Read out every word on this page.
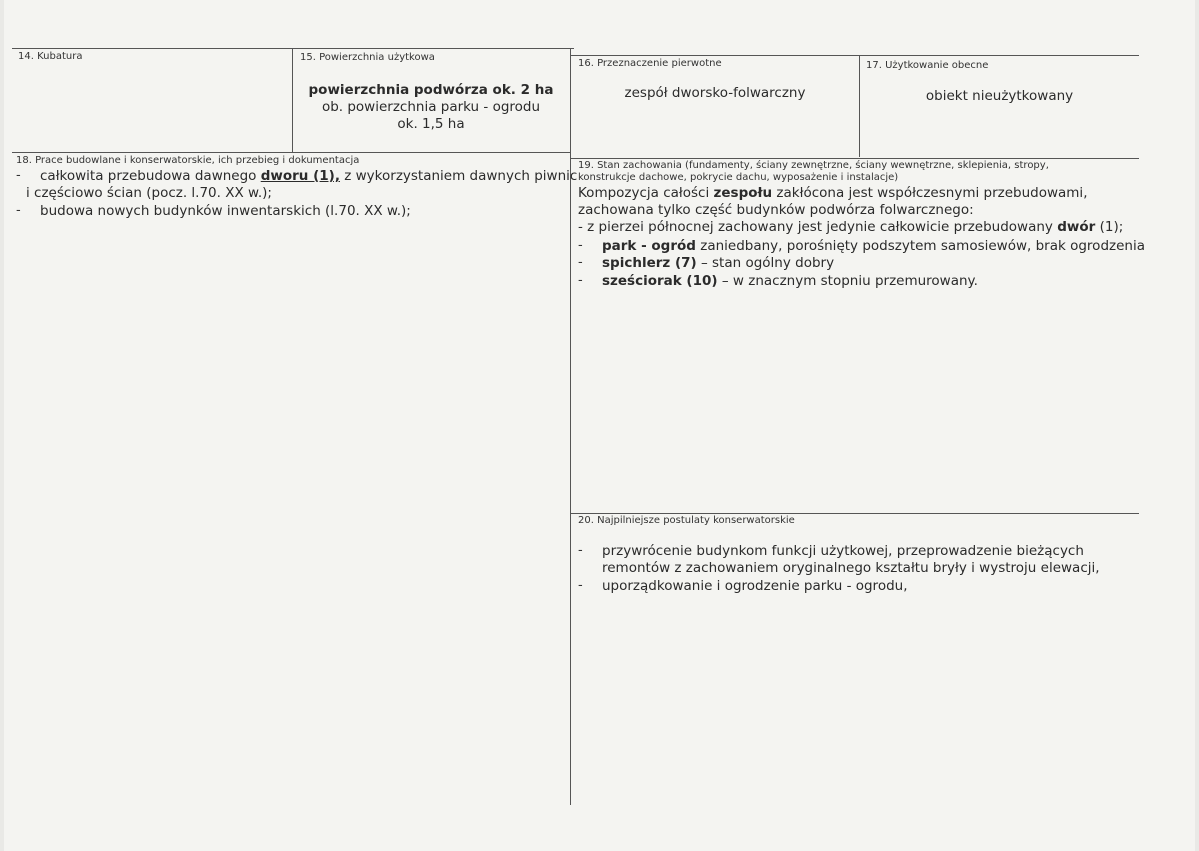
14. Kubatura	15. Powierzchnia użytkowa
powierzchnia podwórza ok. 2 ha
ob. powierzchnia parku - ogrodu
ok. 1,5 ha
16. Przeznaczenie pierwotne
zespół dworsko-folwarczny
17. Użytkowanie obecne
obiekt nieużytkowany
18. Prace budowlane i konserwatorskie, ich przebieg i dokumentacja
- całkowita przebudowa dawnego dworu (1), z wykorzystaniem dawnych piwnic
i częściowo ścian (pocz. l.70. XX w.);
- budowa nowych budynków inwentarskich (l.70. XX w.);
19. Stan zachowania (fundamenty, ściany zewnętrzne, ściany wewnętrzne, sklepienia, stropy,
konstrukcje dachowe, pokrycie dachu, wyposażenie i instalacje)
Kompozycja całości zespołu zakłócona jest współczesnymi przebudowami,
zachowana tylko część budynków podwórza folwarcznego:
- z pierzei północnej zachowany jest jedynie całkowicie przebudowany dwór (1);
- park - ogród zaniedbany, porośnięty podszytem samosiewów, brak ogrodzenia
- spichlerz (7) – stan ogólny dobry
- sześciorak (10) – w znacznym stopniu przemurowany.
20. Najpilniejsze postulaty konserwatorskie
- przywrócenie budynkom funkcji użytkowej, przeprowadzenie bieżących
remontów z zachowaniem oryginalnego kształtu bryły i wystroju elewacji,
- uporządkowanie i ogrodzenie parku - ogrodu,
